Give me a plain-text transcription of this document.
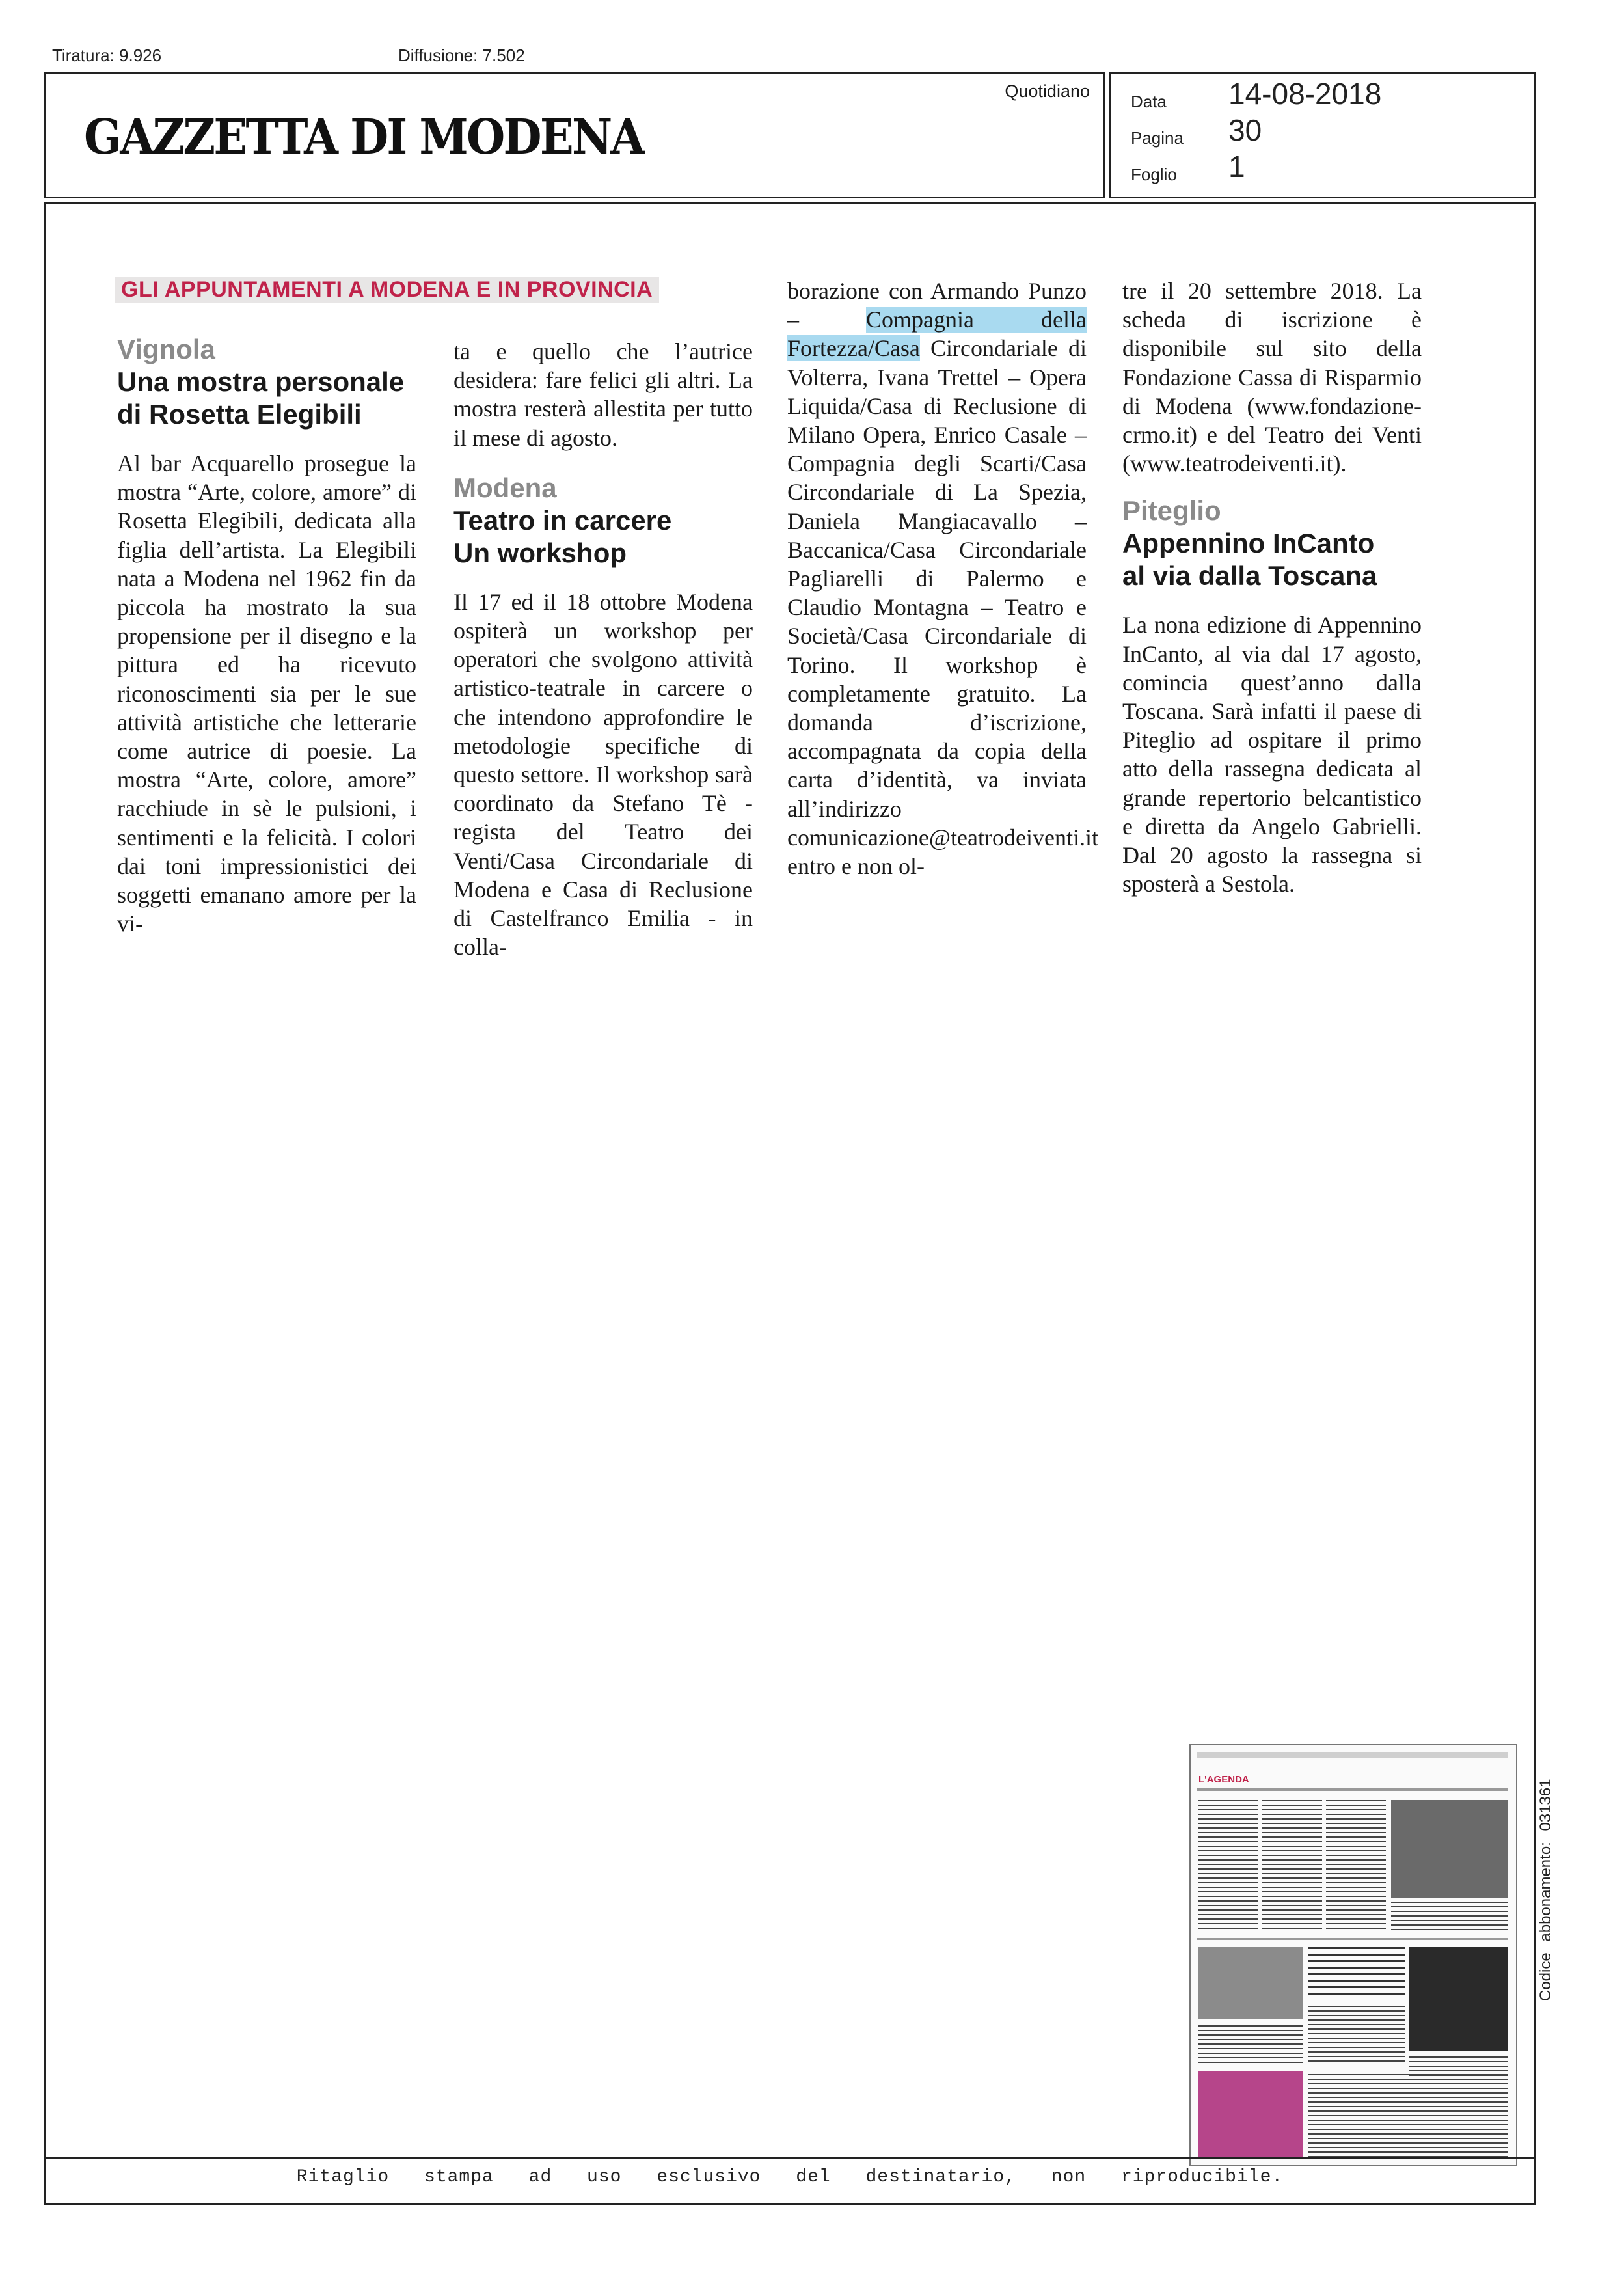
Tiratura: 9.926	Diffusione: 7.502
GAZZETTA DI MODENA
Quotidiano
Data 14-08-2018
Pagina 30
Foglio 1
GLI APPUNTAMENTI A MODENA E IN PROVINCIA
Vignola
Una mostra personale
di Rosetta Elegibili
Al bar Acquarello prosegue la mostra “Arte, colore, amore” di Rosetta Elegibili, dedicata alla figlia dell’artista. La Elegibili nata a Modena nel 1962 fin da piccola ha mostrato la sua propensione per il disegno e la pittura ed ha ricevuto riconoscimenti sia per le sue attività artistiche che letterarie come autrice di poesie. La mostra “Arte, colore, amore” racchiude in sè le pulsioni, i sentimenti e la felicità. I colori dai toni impressionistici dei soggetti emanano amore per la vi-
ta e quello che l’autrice desidera: fare felici gli altri. La mostra resterà allestita per tutto il mese di agosto.
Modena
Teatro in carcere
Un workshop
Il 17 ed il 18 ottobre Modena ospiterà un workshop per operatori che svolgono attività artistico-teatrale in carcere o che intendono approfondire le metodologie specifiche di questo settore. Il workshop sarà coordinato da Stefano Tè - regista del Teatro dei Venti/Casa Circondariale di Modena e Casa di Reclusione di Castelfranco Emilia - in colla-
borazione con Armando Punzo – Compagnia della Fortezza/Casa Circondariale di Volterra, Ivana Trettel – Opera Liquida/Casa di Reclusione di Milano Opera, Enrico Casale – Compagnia degli Scarti/Casa Circondariale di La Spezia, Daniela Mangiacavallo – Baccanica/Casa Circondariale Pagliarelli di Palermo e Claudio Montagna – Teatro e Società/Casa Circondariale di Torino. Il workshop è completamente gratuito. La domanda d’iscrizione, accompagnata da copia della carta d’identità, va inviata all’indirizzo comunicazione@teatrodeiventi.it entro e non ol-
tre il 20 settembre 2018. La scheda di iscrizione è disponibile sul sito della Fondazione Cassa di Risparmio di Modena (www.fondazione-crmo.it) e del Teatro dei Venti (www.teatrodeiventi.it).
Piteglio
Appennino InCanto
al via dalla Toscana
La nona edizione di Appennino InCanto, al via dal 17 agosto, comincia quest’anno dalla Toscana. Sarà infatti il paese di Piteglio ad ospitare il primo atto della rassegna dedicata al grande repertorio belcantistico e diretta da Angelo Gabrielli. Dal 20 agosto la rassegna si sposterà a Sestola.
L'AGENDA	Codice abbonamento: 031361
Ritaglio stampa ad uso esclusivo del destinatario, non riproducibile.
